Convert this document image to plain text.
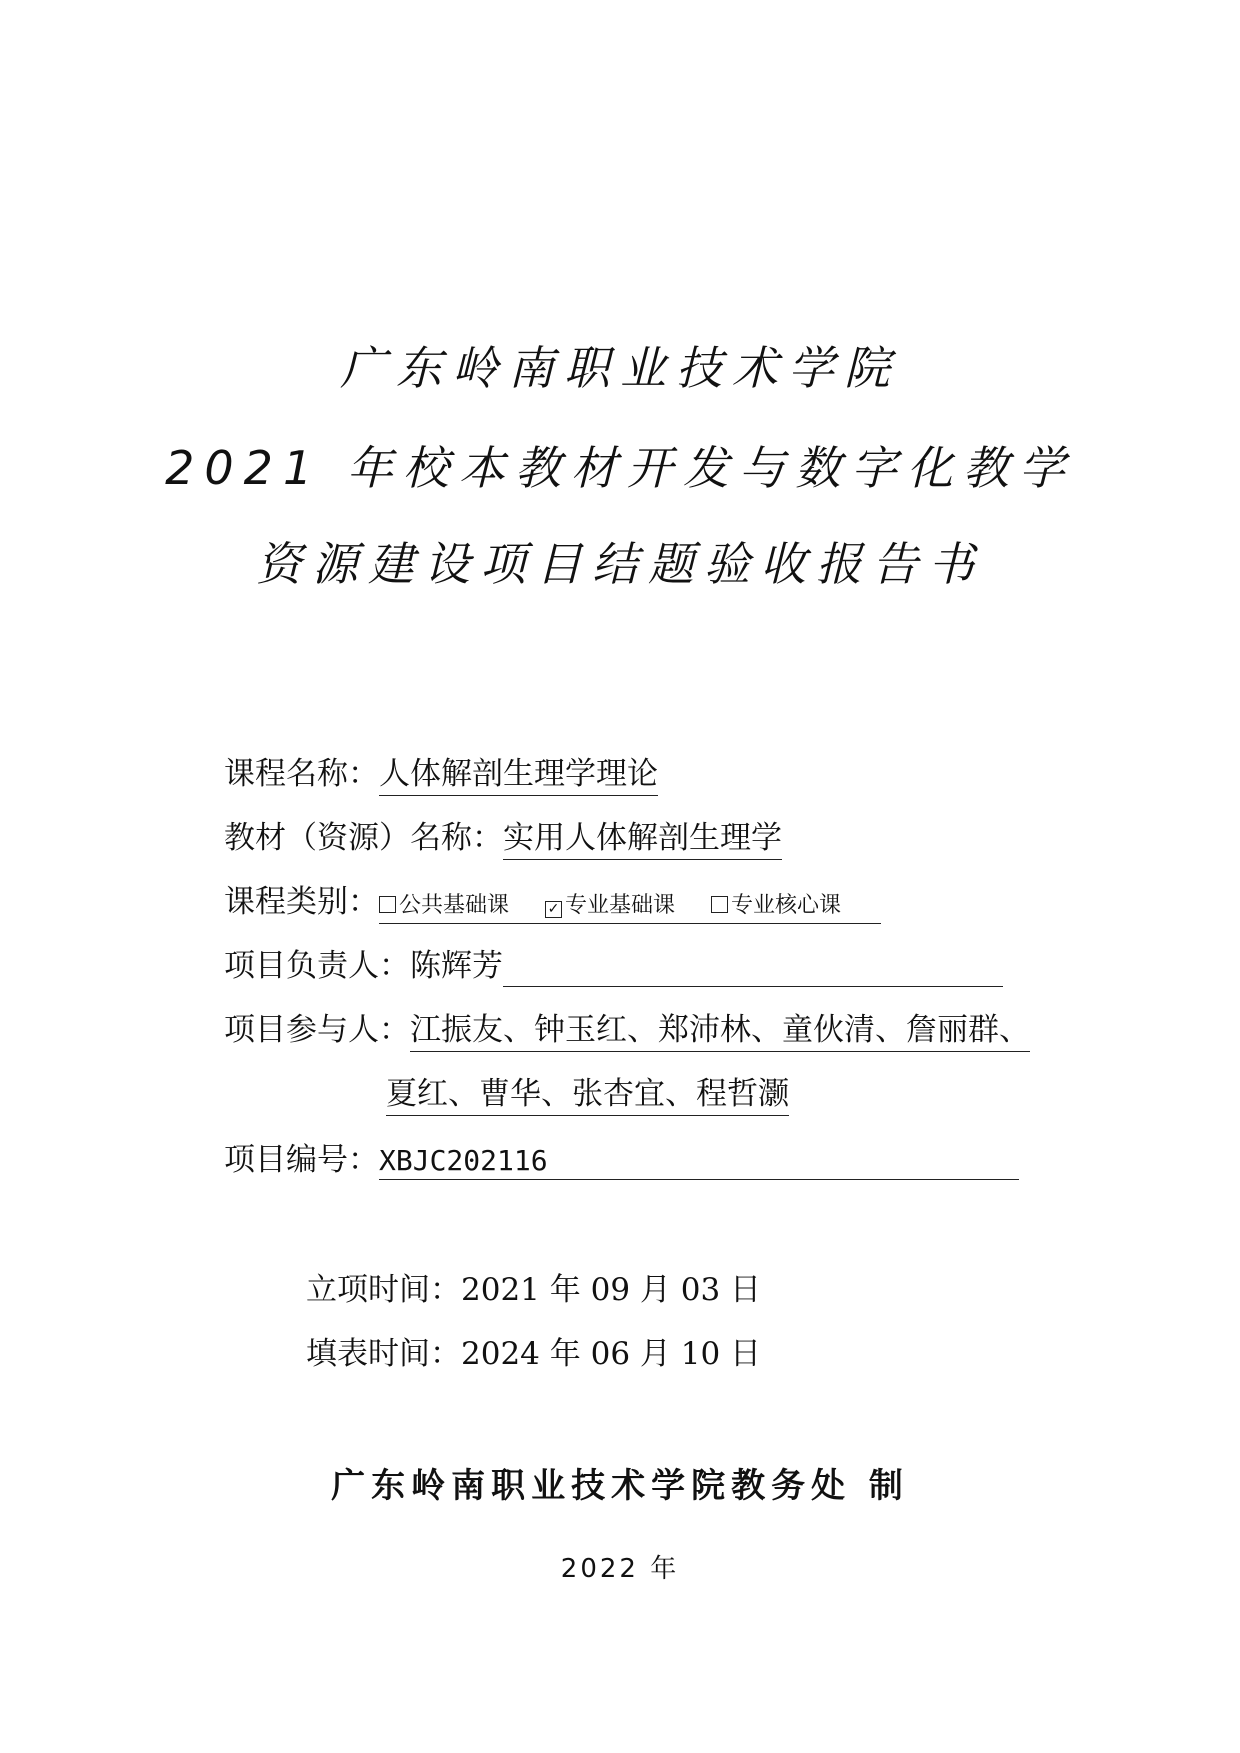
广东岭南职业技术学院
2021 年校本教材开发与数字化教学
资源建设项目结题验收报告书
课程名称：人体解剖生理学理论
教材（资源）名称：实用人体解剖生理学
课程类别： 公共基础课	✓ 专业基础课	专业核心课
项目负责人：陈辉芳
项目参与人：江振友、钟玉红、郑沛林、童伙清、詹丽群、
夏红、曹华、张杏宜、程哲灏
项目编号：XBJC202116
立项时间：2021 年 09 月 03 日
填表时间：2024 年 06 月 10 日
广东岭南职业技术学院教务处 制
2022 年
